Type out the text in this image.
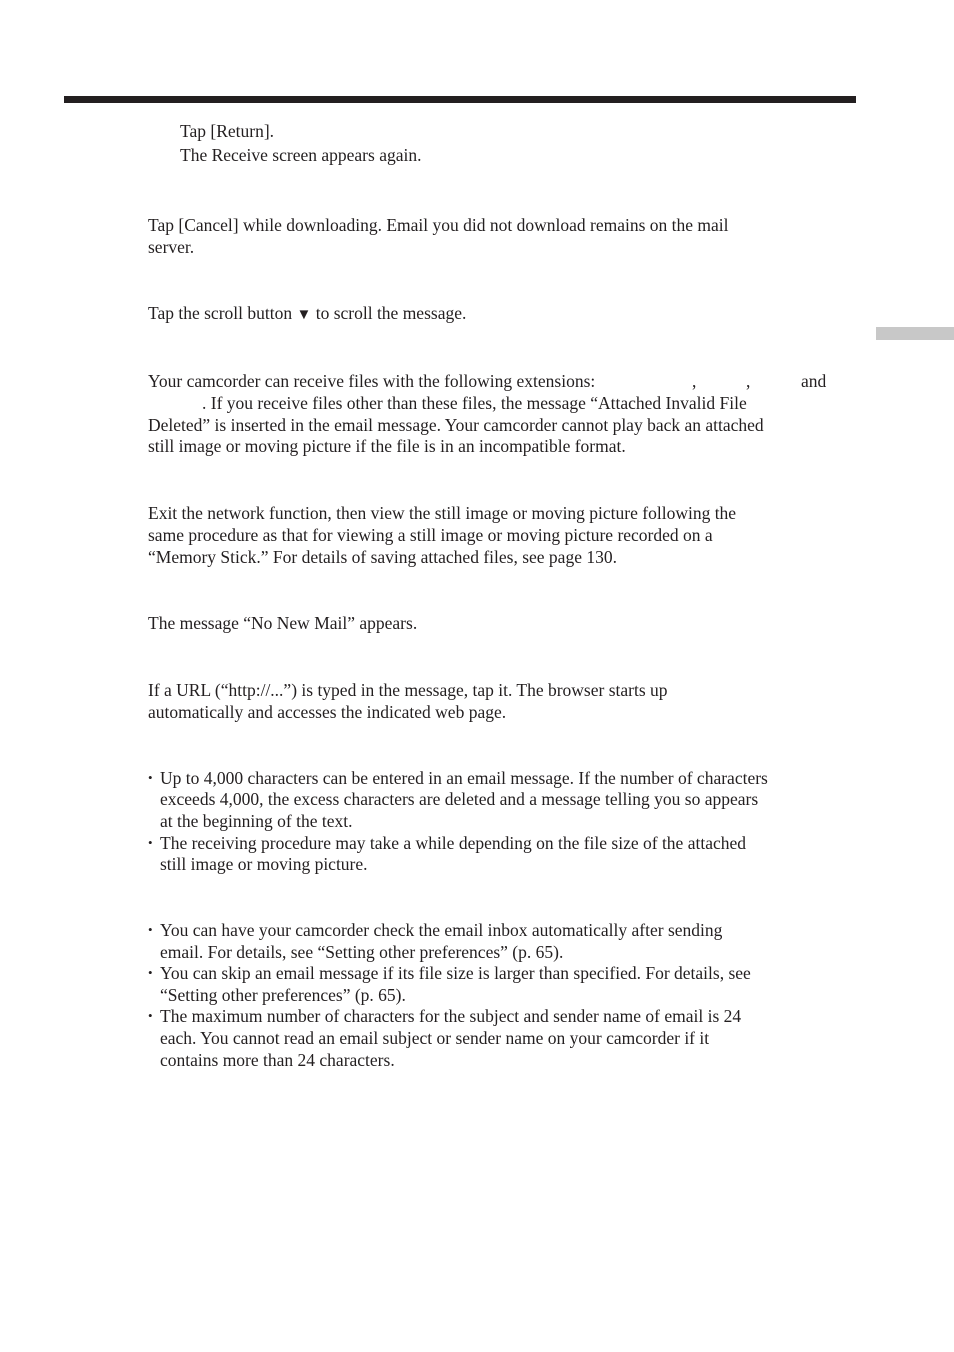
Tap [Return].

The Receive screen appears again.

Tap [Cancel] while downloading. Email you did not download remains on the mail

server.

Tap the scroll button ▼ to scroll the message.

Your camcorder can receive files with the following extensions:	,	,	and

. If you receive files other than these files, the message “Attached Invalid File

Deleted” is inserted in the email message. Your camcorder cannot play back an attached

still image or moving picture if the file is in an incompatible format.

Exit the network function, then view the still image or moving picture following the

same procedure as that for viewing a still image or moving picture recorded on a

“Memory Stick.” For details of saving attached files, see page 130.

The message “No New Mail” appears.

If a URL (“http://...”) is typed in the message, tap it. The browser starts up

automatically and accesses the indicated web page.

• Up to 4,000 characters can be entered in an email message. If the number of characters

exceeds 4,000, the excess characters are deleted and a message telling you so appears

at the beginning of the text.

• The receiving procedure may take a while depending on the file size of the attached

still image or moving picture.

• You can have your camcorder check the email inbox automatically after sending

email. For details, see “Setting other preferences” (p. 65).

• You can skip an email message if its file size is larger than specified. For details, see

“Setting other preferences” (p. 65).

• The maximum number of characters for the subject and sender name of email is 24

each. You cannot read an email subject or sender name on your camcorder if it

contains more than 24 characters.
